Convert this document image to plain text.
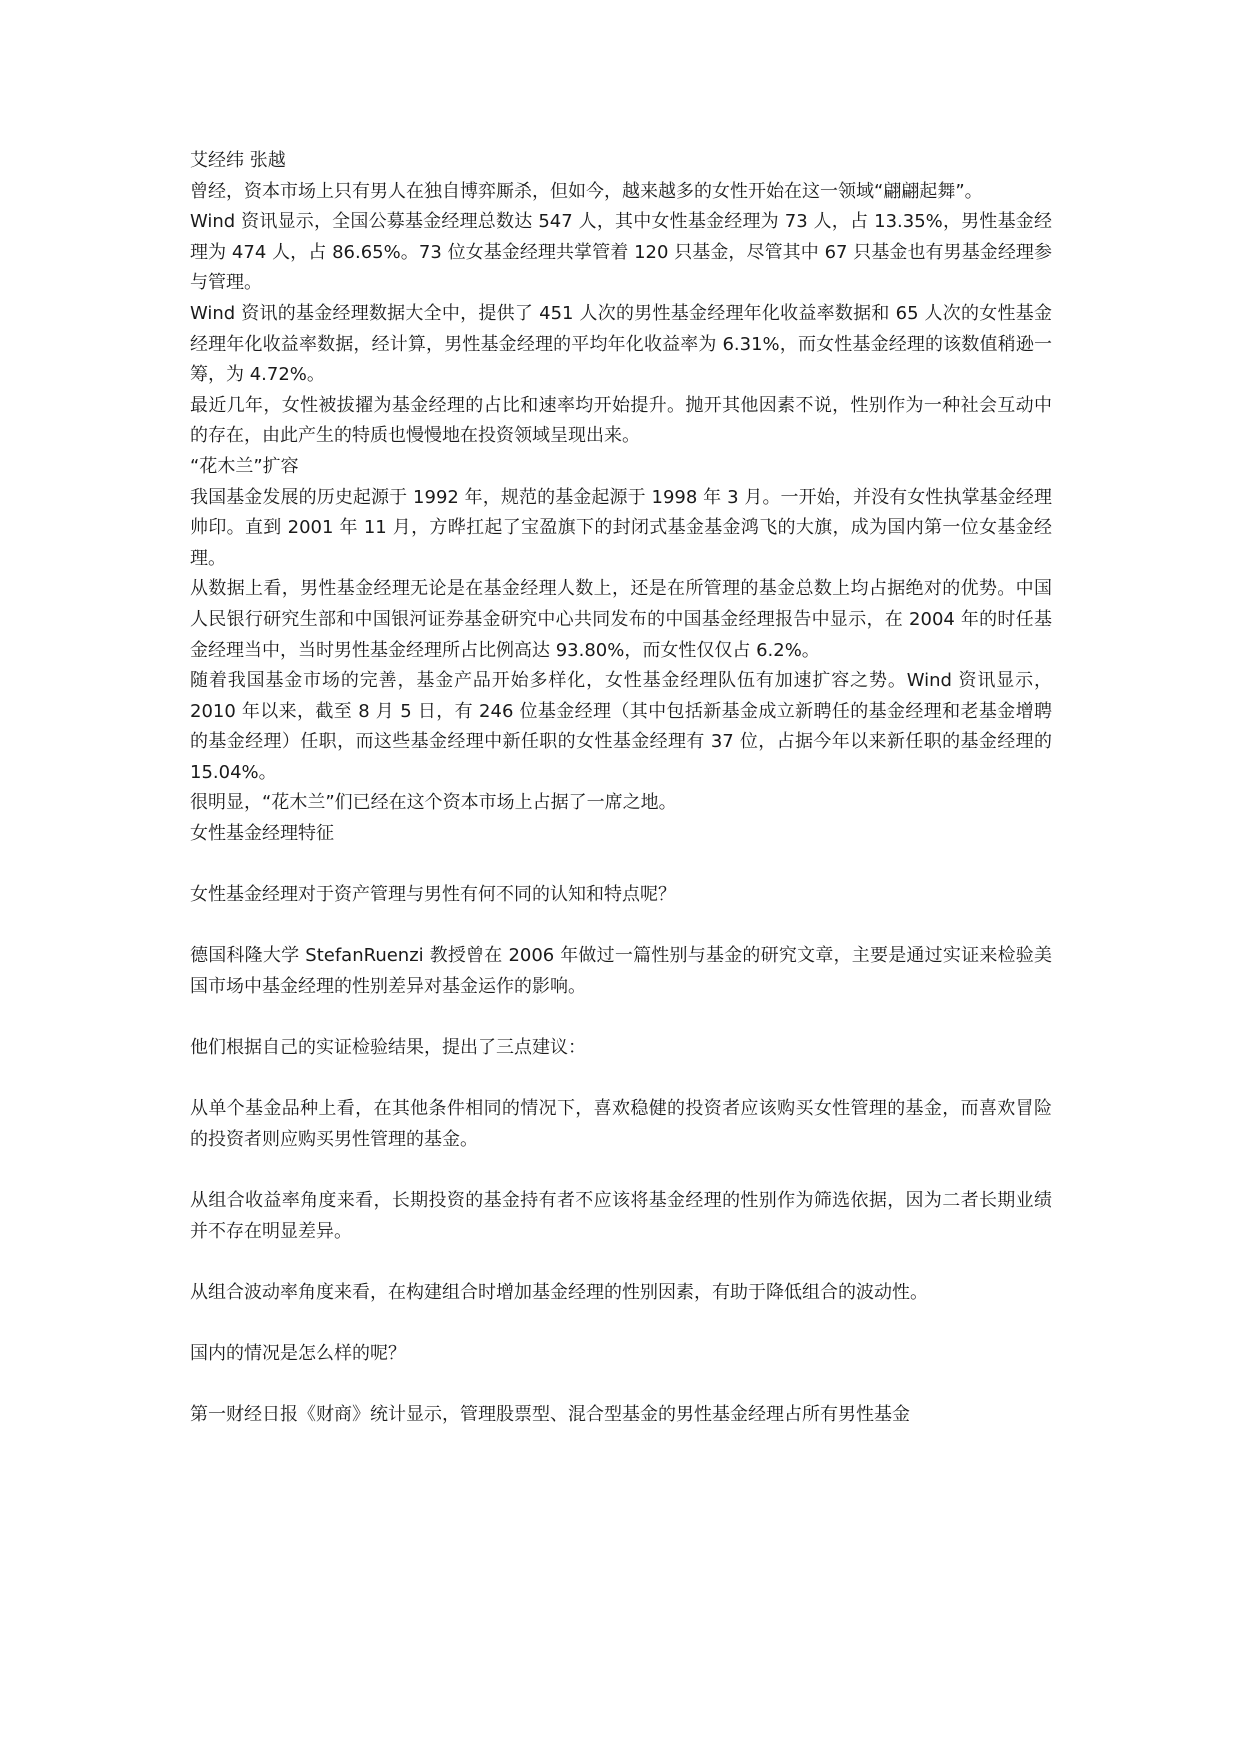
艾经纬 张越

曾经，资本市场上只有男人在独自博弈厮杀，但如今，越来越多的女性开始在这一领域“翩翩起舞”。

Wind 资讯显示，全国公募基金经理总数达 547 人，其中女性基金经理为 73 人，占 13.35%，男性基金经理为 474 人，占 86.65%。73 位女基金经理共掌管着 120 只基金，尽管其中 67 只基金也有男基金经理参与管理。

Wind 资讯的基金经理数据大全中，提供了 451 人次的男性基金经理年化收益率数据和 65 人次的女性基金经理年化收益率数据，经计算，男性基金经理的平均年化收益率为 6.31%，而女性基金经理的该数值稍逊一筹，为 4.72%。

最近几年，女性被拔擢为基金经理的占比和速率均开始提升。抛开其他因素不说，性别作为一种社会互动中的存在，由此产生的特质也慢慢地在投资领域呈现出来。

“花木兰”扩容

我国基金发展的历史起源于 1992 年，规范的基金起源于 1998 年 3 月。一开始，并没有女性执掌基金经理帅印。直到 2001 年 11 月，方晔扛起了宝盈旗下的封闭式基金基金鸿飞的大旗，成为国内第一位女基金经理。

从数据上看，男性基金经理无论是在基金经理人数上，还是在所管理的基金总数上均占据绝对的优势。中国人民银行研究生部和中国银河证券基金研究中心共同发布的中国基金经理报告中显示，在 2004 年的时任基金经理当中，当时男性基金经理所占比例高达 93.80%，而女性仅仅占 6.2%。

随着我国基金市场的完善，基金产品开始多样化，女性基金经理队伍有加速扩容之势。Wind 资讯显示，2010 年以来，截至 8 月 5 日，有 246 位基金经理（其中包括新基金成立新聘任的基金经理和老基金增聘的基金经理）任职，而这些基金经理中新任职的女性基金经理有 37 位，占据今年以来新任职的基金经理的 15.04%。

很明显，“花木兰”们已经在这个资本市场上占据了一席之地。

女性基金经理特征

女性基金经理对于资产管理与男性有何不同的认知和特点呢？

德国科隆大学 StefanRuenzi 教授曾在 2006 年做过一篇性别与基金的研究文章，主要是通过实证来检验美国市场中基金经理的性别差异对基金运作的影响。

他们根据自己的实证检验结果，提出了三点建议：

从单个基金品种上看，在其他条件相同的情况下，喜欢稳健的投资者应该购买女性管理的基金，而喜欢冒险的投资者则应购买男性管理的基金。

从组合收益率角度来看，长期投资的基金持有者不应该将基金经理的性别作为筛选依据，因为二者长期业绩并不存在明显差异。

从组合波动率角度来看，在构建组合时增加基金经理的性别因素，有助于降低组合的波动性。

国内的情况是怎么样的呢？

第一财经日报《财商》统计显示，管理股票型、混合型基金的男性基金经理占所有男性基金
